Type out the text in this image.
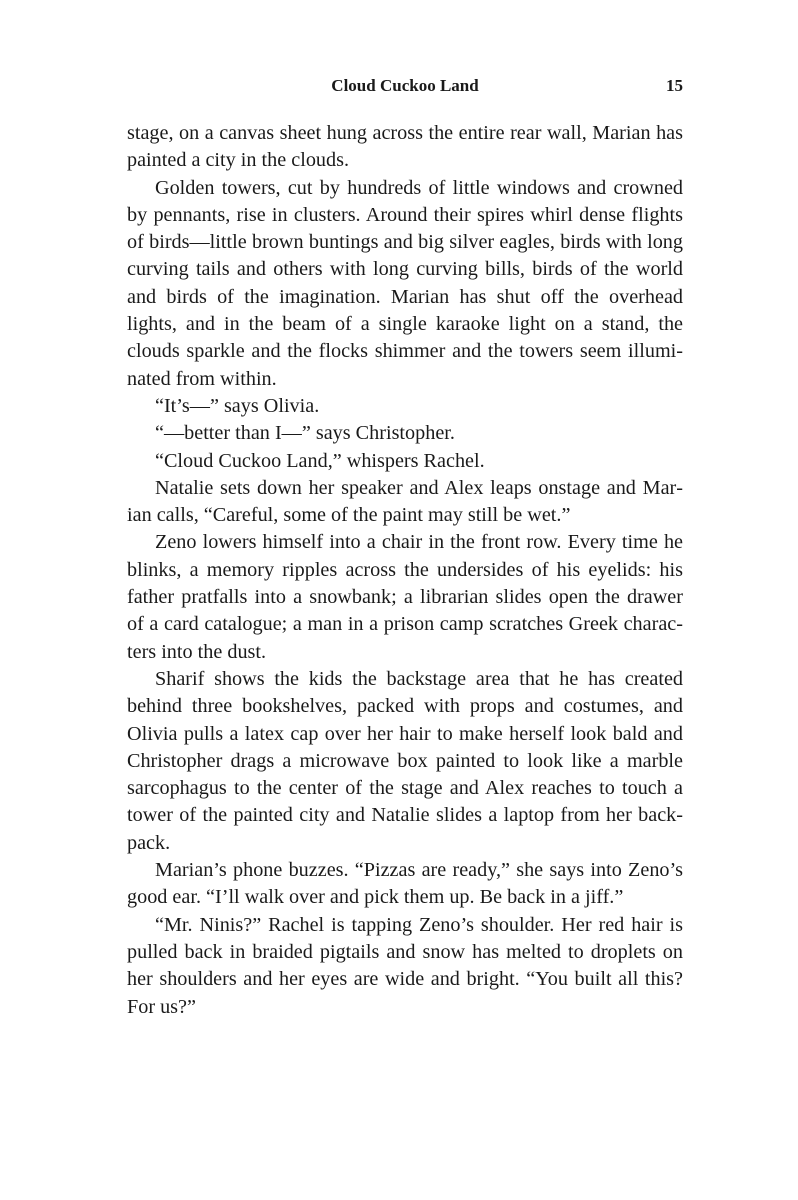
Cloud Cuckoo Land	15

stage, on a canvas sheet hung across the entire rear wall, Marian has painted a city in the clouds.

Golden towers, cut by hundreds of little windows and crowned by pennants, rise in clusters. Around their spires whirl dense flights of birds—little brown buntings and big silver eagles, birds with long curving tails and others with long curving bills, birds of the world and birds of the imagination. Marian has shut off the overhead lights, and in the beam of a single karaoke light on a stand, the clouds sparkle and the flocks shimmer and the towers seem illuminated from within.

“It’s—” says Olivia.

“—better than I—” says Christopher.

“Cloud Cuckoo Land,” whispers Rachel.

Natalie sets down her speaker and Alex leaps onstage and Marian calls, “Careful, some of the paint may still be wet.”

Zeno lowers himself into a chair in the front row. Every time he blinks, a memory ripples across the undersides of his eyelids: his father pratfalls into a snowbank; a librarian slides open the drawer of a card catalogue; a man in a prison camp scratches Greek characters into the dust.

Sharif shows the kids the backstage area that he has created behind three bookshelves, packed with props and costumes, and Olivia pulls a latex cap over her hair to make herself look bald and Christopher drags a microwave box painted to look like a marble sarcophagus to the center of the stage and Alex reaches to touch a tower of the painted city and Natalie slides a laptop from her backpack.

Marian’s phone buzzes. “Pizzas are ready,” she says into Zeno’s good ear. “I’ll walk over and pick them up. Be back in a jiff.”

“Mr. Ninis?” Rachel is tapping Zeno’s shoulder. Her red hair is pulled back in braided pigtails and snow has melted to droplets on her shoulders and her eyes are wide and bright. “You built all this? For us?”
